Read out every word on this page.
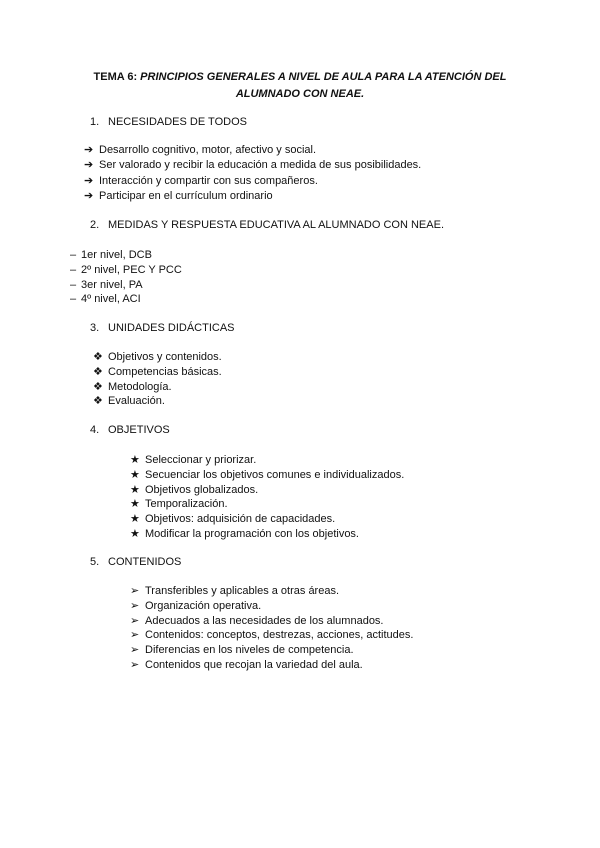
TEMA 6: PRINCIPIOS GENERALES A NIVEL DE AULA PARA LA ATENCIÓN DEL
ALUMNADO CON NEAE.
1. NECESIDADES DE TODOS
➔ Desarrollo cognitivo, motor, afectivo y social.
➔ Ser valorado y recibir la educación a medida de sus posibilidades.
➔ Interacción y compartir con sus compañeros.
➔ Participar en el currículum ordinario
2. MEDIDAS Y RESPUESTA EDUCATIVA AL ALUMNADO CON NEAE.
– 1er nivel, DCB
– 2º nivel, PEC Y PCC
– 3er nivel, PA
– 4º nivel, ACI
3. UNIDADES DIDÁCTICAS
❖ Objetivos y contenidos.
❖ Competencias básicas.
❖ Metodología.
❖ Evaluación.
4. OBJETIVOS
★ Seleccionar y priorizar.
★ Secuenciar los objetivos comunes e individualizados.
★ Objetivos globalizados.
★ Temporalización.
★ Objetivos: adquisición de capacidades.
★ Modificar la programación con los objetivos.
5. CONTENIDOS
➢ Transferibles y aplicables a otras áreas.
➢ Organización operativa.
➢ Adecuados a las necesidades de los alumnados.
➢ Contenidos: conceptos, destrezas, acciones, actitudes.
➢ Diferencias en los niveles de competencia.
➢ Contenidos que recojan la variedad del aula.
